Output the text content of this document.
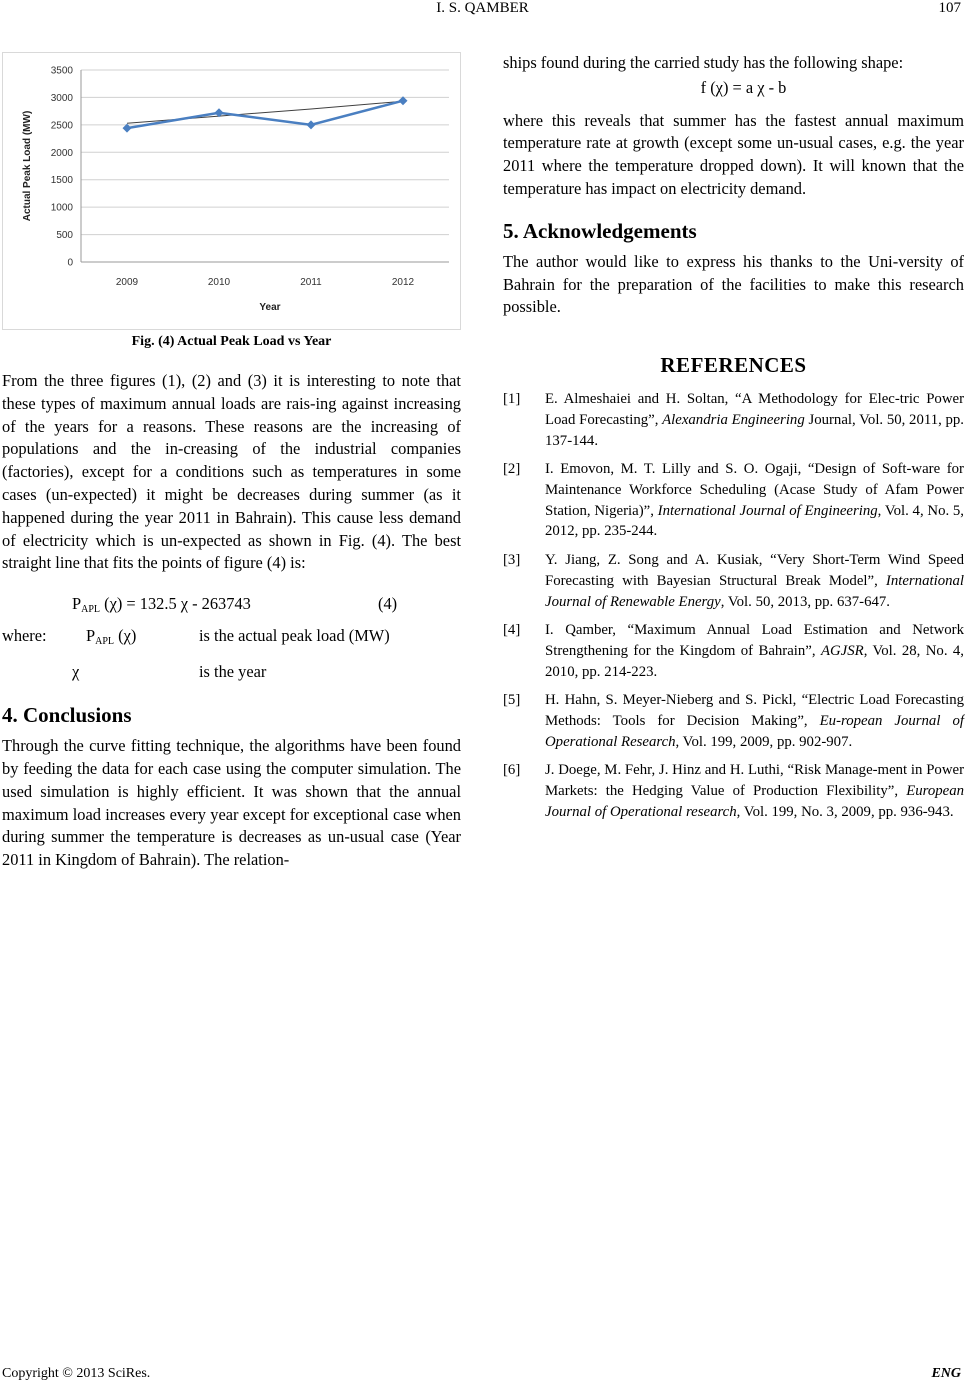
I. S. QAMBER	107
0
500
1000
1500
2000
2500
3000
3500
2009	2010	2011	2012
Year
Actual Peak Load (MW)

Fig. (4) Actual Peak Load vs Year

From the three figures (1), (2) and (3) it is interesting to note that these types of maximum annual loads are rais-ing against increasing of the years for a reasons. These reasons are the increasing of populations and the in-creasing of the industrial companies (factories), except for a conditions such as temperatures in some cases (un-expected) it might be decreases during summer (as it happened during the year 2011 in Bahrain). This cause less demand of electricity which is un-expected as shown in Fig. (4). The best straight line that fits the points of figure (4) is:

$P_{APL}$ (χ) = 132.5 χ - 263743	(4)
where: $P_{APL}$ (χ)	is the actual peak load (MW)
χ	is the year
4. Conclusions

Through the curve fitting technique, the algorithms have been found by feeding the data for each case using the computer simulation. The used simulation is highly efficient. It was shown that the annual maximum load increases every year except for exceptional case when during summer the temperature is decreases as un-usual case (Year 2011 in Kingdom of Bahrain). The relation-

ships found during the carried study has the following shape:

f (χ) = a χ - b

where this reveals that summer has the fastest annual maximum temperature rate at growth (except some un-usual cases, e.g. the year 2011 where the temperature dropped down). It will known that the temperature has impact on electricity demand.

5. Acknowledgements

The author would like to express his thanks to the Uni-versity of Bahrain for the preparation of the facilities to make this research possible.

REFERENCES

[1] E. Almeshaiei and H. Soltan, “A Methodology for Elec-tric Power Load Forecasting”, Alexandria Engineering Journal, Vol. 50, 2011, pp. 137-144.
[2] I. Emovon, M. T. Lilly and S. O. Ogaji, “Design of Soft-ware for Maintenance Workforce Scheduling (Acase Study of Afam Power Station, Nigeria)”, International Journal of Engineering, Vol. 4, No. 5, 2012, pp. 235-244.
[3] Y. Jiang, Z. Song and A. Kusiak, “Very Short-Term Wind Speed Forecasting with Bayesian Structural Break Model”, International Journal of Renewable Energy, Vol. 50, 2013, pp. 637-647.
[4] I. Qamber, “Maximum Annual Load Estimation and Network Strengthening for the Kingdom of Bahrain”, AGJSR, Vol. 28, No. 4, 2010, pp. 214-223.
[5] H. Hahn, S. Meyer-Nieberg and S. Pickl, “Electric Load Forecasting Methods: Tools for Decision Making”, Eu-ropean Journal of Operational Research, Vol. 199, 2009, pp. 902-907.
[6] J. Doege, M. Fehr, J. Hinz and H. Luthi, “Risk Manage-ment in Power Markets: the Hedging Value of Production Flexibility”, European Journal of Operational research, Vol. 199, No. 3, 2009, pp. 936-943.
Copyright © 2013 SciRes.	ENG
